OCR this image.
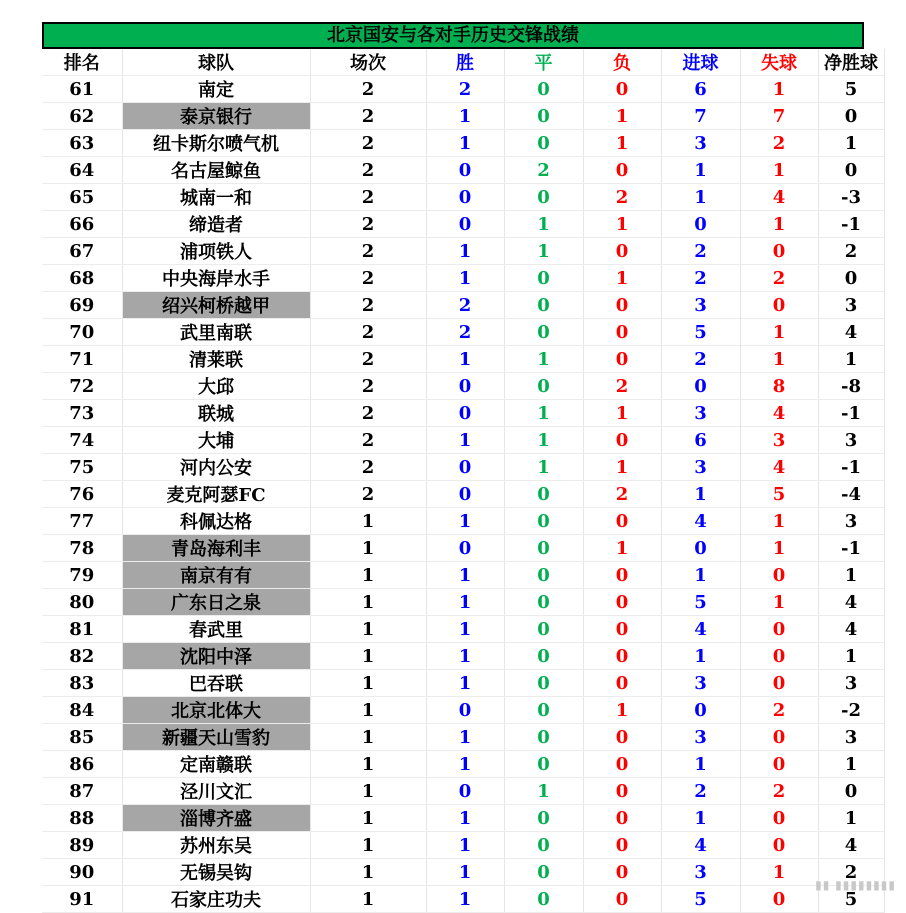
北京国安与各对手历史交锋战绩
排名	球队	场次	胜	平	负	进球	失球	净胜球
61	南定	2	2	0	0	6	1	5
62	泰京银行	2	1	0	1	7	7	0
63	纽卡斯尔喷气机	2	1	0	1	3	2	1
64	名古屋鲸鱼	2	0	2	0	1	1	0
65	城南一和	2	0	0	2	1	4	-3
66	缔造者	2	0	1	1	0	1	-1
67	浦项铁人	2	1	1	0	2	0	2
68	中央海岸水手	2	1	0	1	2	2	0
69	绍兴柯桥越甲	2	2	0	0	3	0	3
70	武里南联	2	2	0	0	5	1	4
71	清莱联	2	1	1	0	2	1	1
72	大邱	2	0	0	2	0	8	-8
73	联城	2	0	1	1	3	4	-1
74	大埔	2	1	1	0	6	3	3
75	河内公安	2	0	1	1	3	4	-1
76	麦克阿瑟FC	2	0	0	2	1	5	-4
77	科佩达格	1	1	0	0	4	1	3
78	青岛海利丰	1	0	0	1	0	1	-1
79	南京有有	1	1	0	0	1	0	1
80	广东日之泉	1	1	0	0	5	1	4
81	春武里	1	1	0	0	4	0	4
82	沈阳中泽	1	1	0	0	1	0	1
83	巴吞联	1	1	0	0	3	0	3
84	北京北体大	1	0	0	1	0	2	-2
85	新疆天山雪豹	1	1	0	0	3	0	3
86	定南赣联	1	1	0	0	1	0	1
87	泾川文汇	1	0	1	0	2	2	0
88	淄博齐盛	1	1	0	0	1	0	1
89	苏州东吴	1	1	0	0	4	0	4
90	无锡吴钩	1	1	0	0	3	1	2
91	石家庄功夫	1	1	0	0	5	0	5
▮▮ ▮▮▮▮▮▮▮▮
